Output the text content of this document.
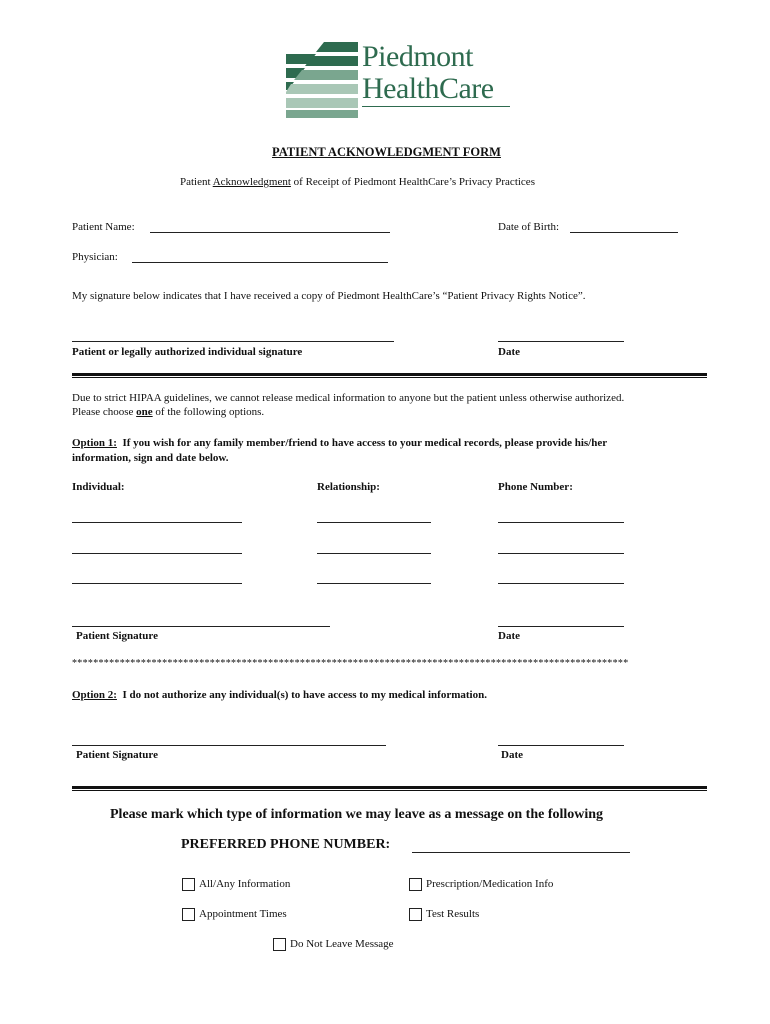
Piedmont
HealthCare
PATIENT ACKNOWLEDGMENT FORM
Patient Acknowledgment of Receipt of Piedmont HealthCare’s Privacy Practices
Patient Name:	Date of Birth:
Physician:
My signature below indicates that I have received a copy of Piedmont HealthCare’s “Patient Privacy Rights Notice”.
Patient or legally authorized individual signature	Date
Due to strict HIPAA guidelines, we cannot release medical information to anyone but the patient unless otherwise authorized.
Please choose one of the following options.
Option 1: If you wish for any family member/friend to have access to your medical records, please provide his/her
information, sign and date below.
Individual:	Relationship:	Phone Number:
Patient Signature	Date
*********************************************************************************************************
Option 2: I do not authorize any individual(s) to have access to my medical information.
Patient Signature	Date
Please mark which type of information we may leave as a message on the following
PREFERRED PHONE NUMBER:
All/Any Information	Prescription/Medication Info
Appointment Times	Test Results
Do Not Leave Message
